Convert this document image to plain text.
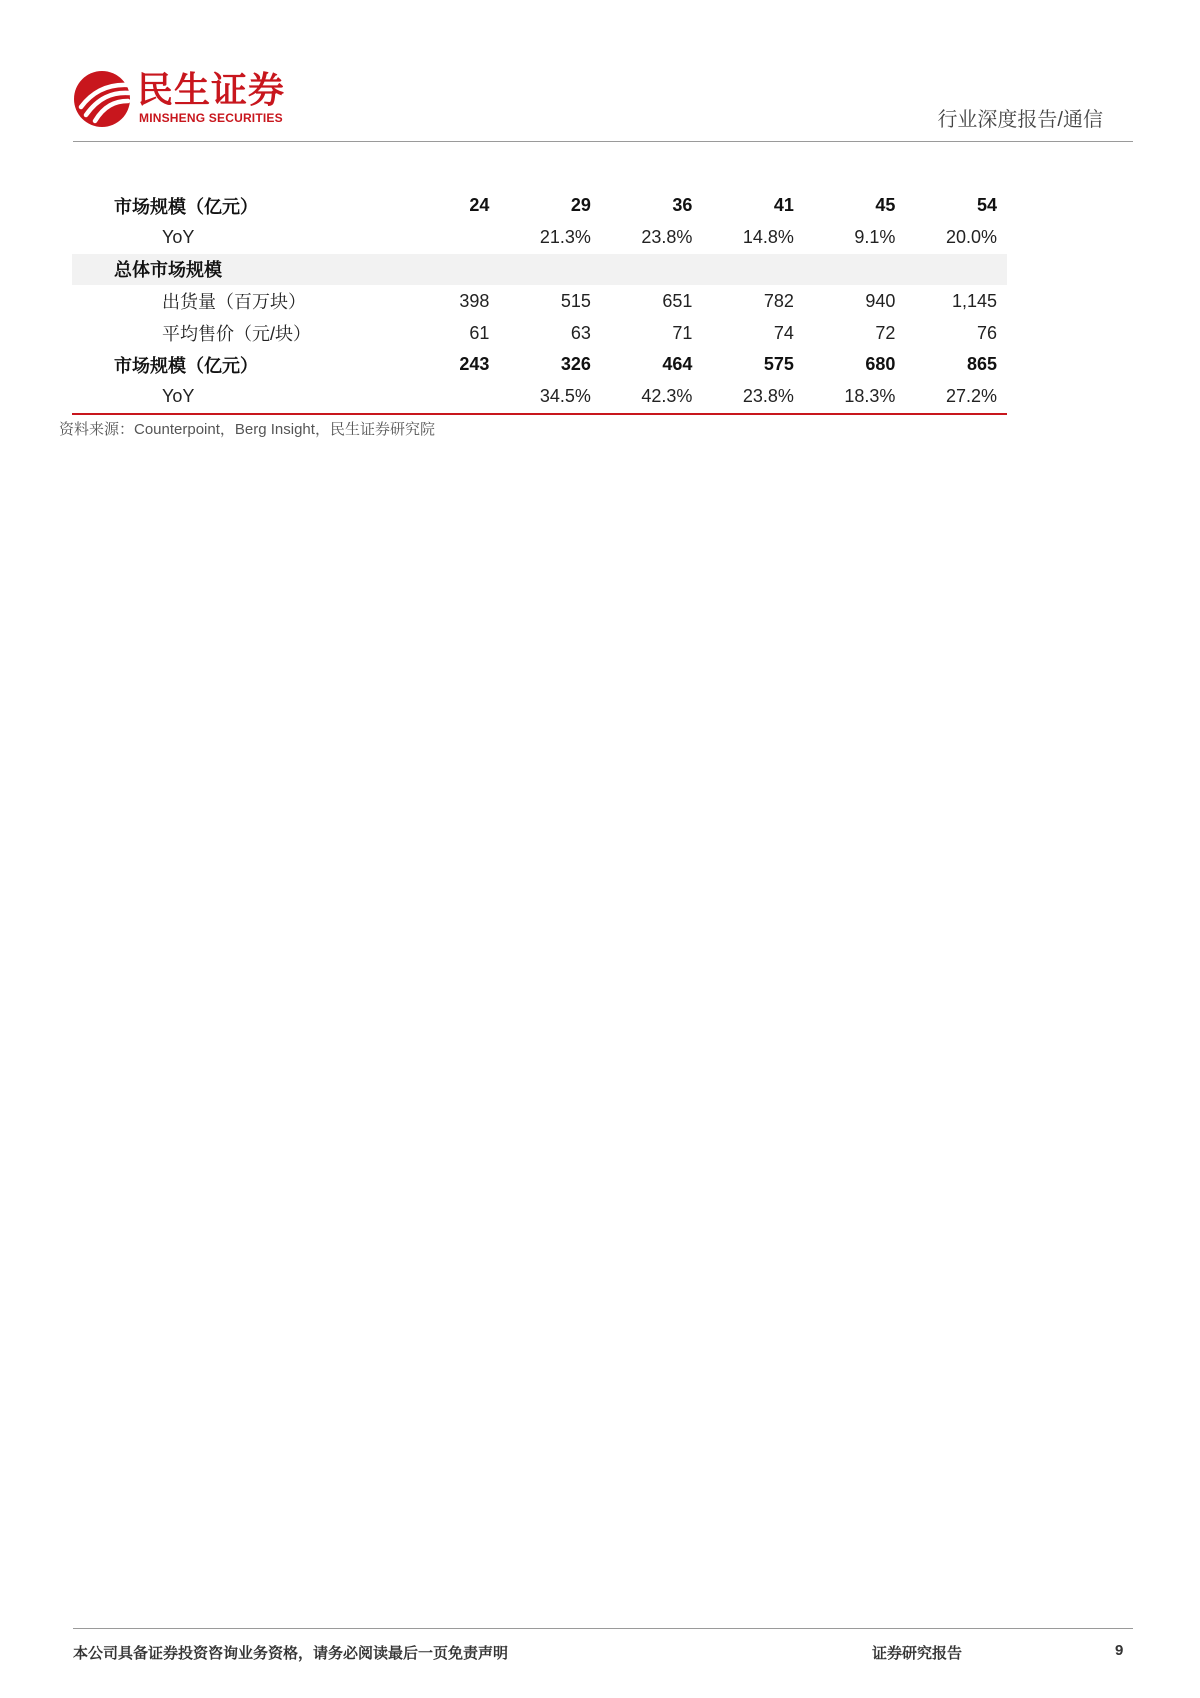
民生证券
MINSHENG SECURITIES	行业深度报告/通信
市场规模（亿元）	24	29	36	41	45	54
YoY		21.3%	23.8%	14.8%	9.1%	20.0%
总体市场规模						
出货量（百万块）	398	515	651	782	940	1,145
平均售价（元/块）	61	63	71	74	72	76
市场规模（亿元）	243	326	464	575	680	865
YoY		34.5%	42.3%	23.8%	18.3%	27.2%
资料来源：Counterpoint，Berg Insight，民生证券研究院
本公司具备证券投资咨询业务资格，请务必阅读最后一页免责声明	证券研究报告	9
